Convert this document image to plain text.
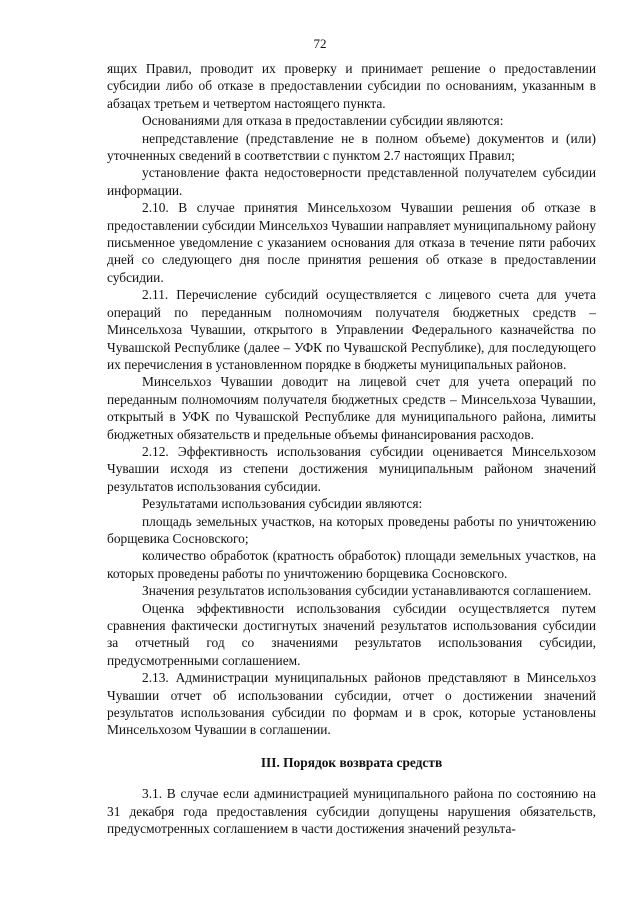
72

ящих Правил, проводит их проверку и принимает решение о предоставлении субсидии либо об отказе в предоставлении субсидии по основаниям, указанным в абзацах третьем и четвертом настоящего пункта.

Основаниями для отказа в предоставлении субсидии являются:

непредставление (представление не в полном объеме) документов и (или) уточненных сведений в соответствии с пунктом 2.7 настоящих Правил;

установление факта недостоверности представленной получателем субсидии информации.

2.10. В случае принятия Минсельхозом Чувашии решения об отказе в предоставлении субсидии Минсельхоз Чувашии направляет муниципальному району письменное уведомление с указанием основания для отказа в течение пяти рабочих дней со следующего дня после принятия решения об отказе в предоставлении субсидии.

2.11. Перечисление субсидий осуществляется с лицевого счета для учета операций по переданным полномочиям получателя бюджетных средств – Минсельхоза Чувашии, открытого в Управлении Федерального казначейства по Чувашской Республике (далее – УФК по Чувашской Республике), для последующего их перечисления в установленном порядке в бюджеты муниципальных районов.

Минсельхоз Чувашии доводит на лицевой счет для учета операций по переданным полномочиям получателя бюджетных средств – Минсельхоза Чувашии, открытый в УФК по Чувашской Республике для муниципального района, лимиты бюджетных обязательств и предельные объемы финансирования расходов.

2.12. Эффективность использования субсидии оценивается Минсельхозом Чувашии исходя из степени достижения муниципальным районом значений результатов использования субсидии.

Результатами использования субсидии являются:

площадь земельных участков, на которых проведены работы по уничтожению борщевика Сосновского;

количество обработок (кратность обработок) площади земельных участков, на которых проведены работы по уничтожению борщевика Сосновского.

Значения результатов использования субсидии устанавливаются соглашением.

Оценка эффективности использования субсидии осуществляется путем сравнения фактически достигнутых значений результатов использования субсидии за отчетный год со значениями результатов использования субсидии, предусмотренными соглашением.

2.13. Администрации муниципальных районов представляют в Минсельхоз Чувашии отчет об использовании субсидии, отчет о достижении значений результатов использования субсидии по формам и в срок, которые установлены Минсельхозом Чувашии в соглашении.

III. Порядок возврата средств

3.1. В случае если администрацией муниципального района по состоянию на 31 декабря года предоставления субсидии допущены нарушения обязательств, предусмотренных соглашением в части достижения значений результа-
